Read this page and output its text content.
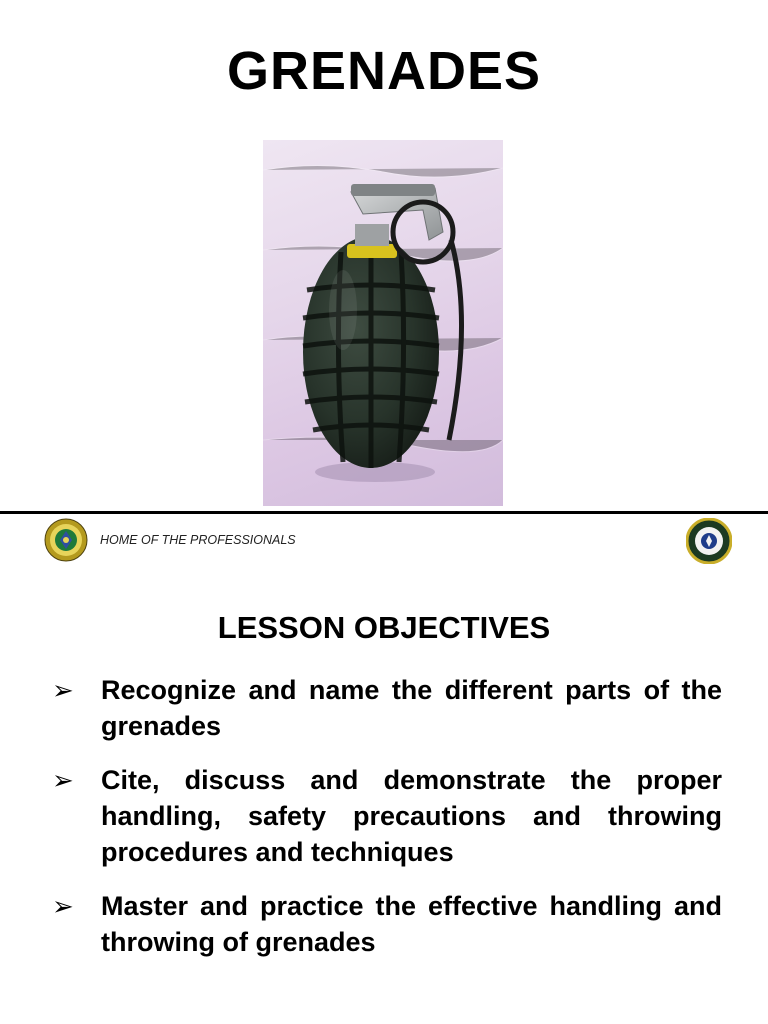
GRENADES
HOME OF THE PROFESSIONALS
LESSON OBJECTIVES
➢ Recognize and name the different parts of the grenades
➢ Cite, discuss and demonstrate the proper handling, safety precautions and throwing procedures and techniques
➢ Master and practice the effective handling and throwing of grenades
